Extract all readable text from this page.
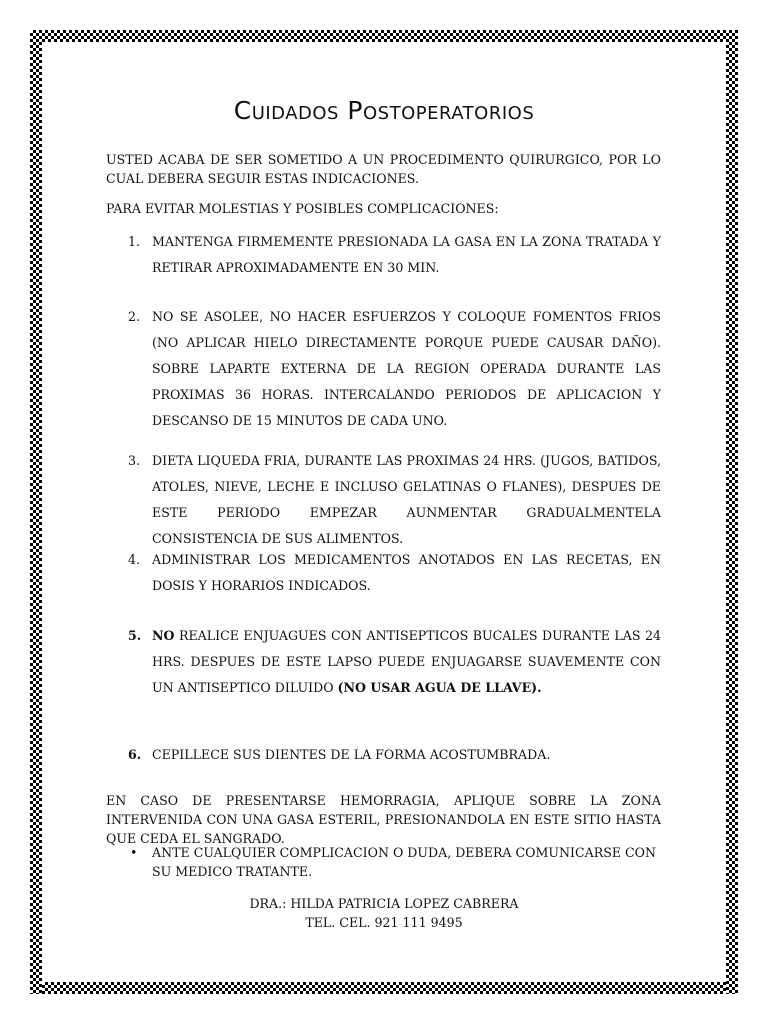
Cuidados Postoperatorios

USTED ACABA DE SER SOMETIDO A UN PROCEDIMENTO QUIRURGICO, POR LO CUAL DEBERA SEGUIR ESTAS INDICACIONES.

PARA EVITAR MOLESTIAS Y POSIBLES COMPLICACIONES:

1. MANTENGA FIRMEMENTE PRESIONADA LA GASA EN LA ZONA TRATADA Y RETIRAR APROXIMADAMENTE EN 30 MIN.
2. NO SE ASOLEE, NO HACER ESFUERZOS Y COLOQUE FOMENTOS FRIOS (NO APLICAR HIELO DIRECTAMENTE PORQUE PUEDE CAUSAR DAÑO). SOBRE LAPARTE EXTERNA DE LA REGION OPERADA DURANTE LAS PROXIMAS 36 HORAS. INTERCALANDO PERIODOS DE APLICACION Y DESCANSO DE 15 MINUTOS DE CADA UNO.
3. DIETA LIQUEDA FRIA, DURANTE LAS PROXIMAS 24 HRS. (JUGOS, BATIDOS, ATOLES, NIEVE, LECHE E INCLUSO GELATINAS O FLANES), DESPUES DE ESTE PERIODO EMPEZAR AUNMENTAR GRADUALMENTELA CONSISTENCIA DE SUS ALIMENTOS.
4. ADMINISTRAR LOS MEDICAMENTOS ANOTADOS EN LAS RECETAS, EN DOSIS Y HORARIOS INDICADOS.
5. NO REALICE ENJUAGUES CON ANTISEPTICOS BUCALES DURANTE LAS 24 HRS. DESPUES DE ESTE LAPSO PUEDE ENJUAGARSE SUAVEMENTE CON UN ANTISEPTICO DILUIDO (NO USAR AGUA DE LLAVE).
6. CEPILLECE SUS DIENTES DE LA FORMA ACOSTUMBRADA.

EN CASO DE PRESENTARSE HEMORRAGIA, APLIQUE SOBRE LA ZONA INTERVENIDA CON UNA GASA ESTERIL, PRESIONANDOLA EN ESTE SITIO HASTA QUE CEDA EL SANGRADO.

• ANTE CUALQUIER COMPLICACION O DUDA, DEBERA COMUNICARSE CON SU MEDICO TRATANTE.
DRA.: HILDA PATRICIA LOPEZ CABRERA
TEL. CEL. 921 111 9495
